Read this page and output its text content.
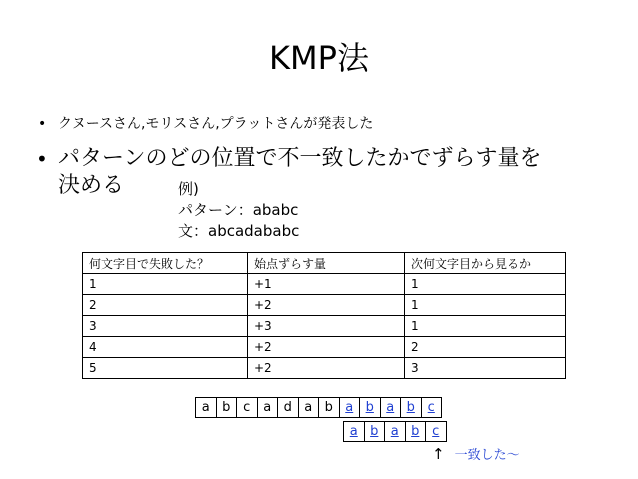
KMP法
• クヌースさん,モリスさん,プラットさんが発表した
• パターンのどの位置で不一致したかでずらす量を
決める	例)
パターン：ababc
文：abcadababc
何文字目で失敗した？	始点ずらす量	次何文字目から見るか
1	+1	1
2	+2	1
3	+3	1
4	+2	2
5	+2	3
a b c a d a b a b a b c
a b a b c
↑ 一致した～
